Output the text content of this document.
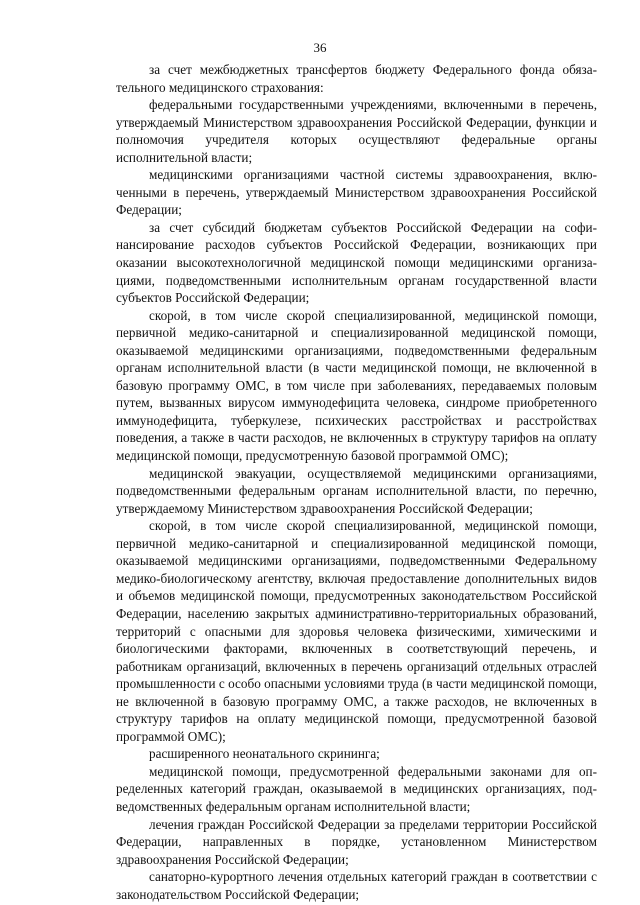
36

за счет межбюджетных трансфертов бюджету Федерального фонда обязательного медицинского страхования:

федеральными государственными учреждениями, включенными в перечень, утверждаемый Министерством здравоохранения Российской Федерации, функции и полномочия учредителя которых осуществляют федеральные органы исполнительной власти;

медицинскими организациями частной системы здравоохранения, включенными в перечень, утверждаемый Министерством здравоохранения Российской Федерации;

за счет субсидий бюджетам субъектов Российской Федерации на софинансирование расходов субъектов Российской Федерации, возникающих при оказании высокотехнологичной медицинской помощи медицинскими организациями, подведомственными исполнительным органам государственной власти субъектов Российской Федерации;

скорой, в том числе скорой специализированной, медицинской помощи, первичной медико-санитарной и специализированной медицинской помощи, оказываемой медицинскими организациями, подведомственными федеральным органам исполнительной власти (в части медицинской помощи, не включенной в базовую программу ОМС, в том числе при заболеваниях, передаваемых половым путем, вызванных вирусом иммунодефицита человека, синдроме приобретенного иммунодефицита, туберкулезе, психических расстройствах и расстройствах поведения, а также в части расходов, не включенных в структуру тарифов на оплату медицинской помощи, предусмотренную базовой программой ОМС);

медицинской эвакуации, осуществляемой медицинскими организациями, подведомственными федеральным органам исполнительной власти, по перечню, утверждаемому Министерством здравоохранения Российской Федерации;

скорой, в том числе скорой специализированной, медицинской помощи, первичной медико-санитарной и специализированной медицинской помощи, оказываемой медицинскими организациями, подведомственными Федеральному медико-биологическому агентству, включая предоставление дополнительных видов и объемов медицинской помощи, предусмотренных законодательством Российской Федерации, населению закрытых административно-территориальных образований, территорий с опасными для здоровья человека физическими, химическими и биологическими факторами, включенных в соответствующий перечень, и работникам организаций, включенных в перечень организаций отдельных отраслей промышленности с особо опасными условиями труда (в части медицинской помощи, не включенной в базовую программу ОМС, а также расходов, не включенных в структуру тарифов на оплату медицинской помощи, предусмотренной базовой программой ОМС);

расширенного неонатального скрининга;

медицинской помощи, предусмотренной федеральными законами для определенных категорий граждан, оказываемой в медицинских организациях, подведомственных федеральным органам исполнительной власти;

лечения граждан Российской Федерации за пределами территории Российской Федерации, направленных в порядке, установленном Министерством здравоохранения Российской Федерации;

санаторно-курортного лечения отдельных категорий граждан в соответствии с законодательством Российской Федерации;
